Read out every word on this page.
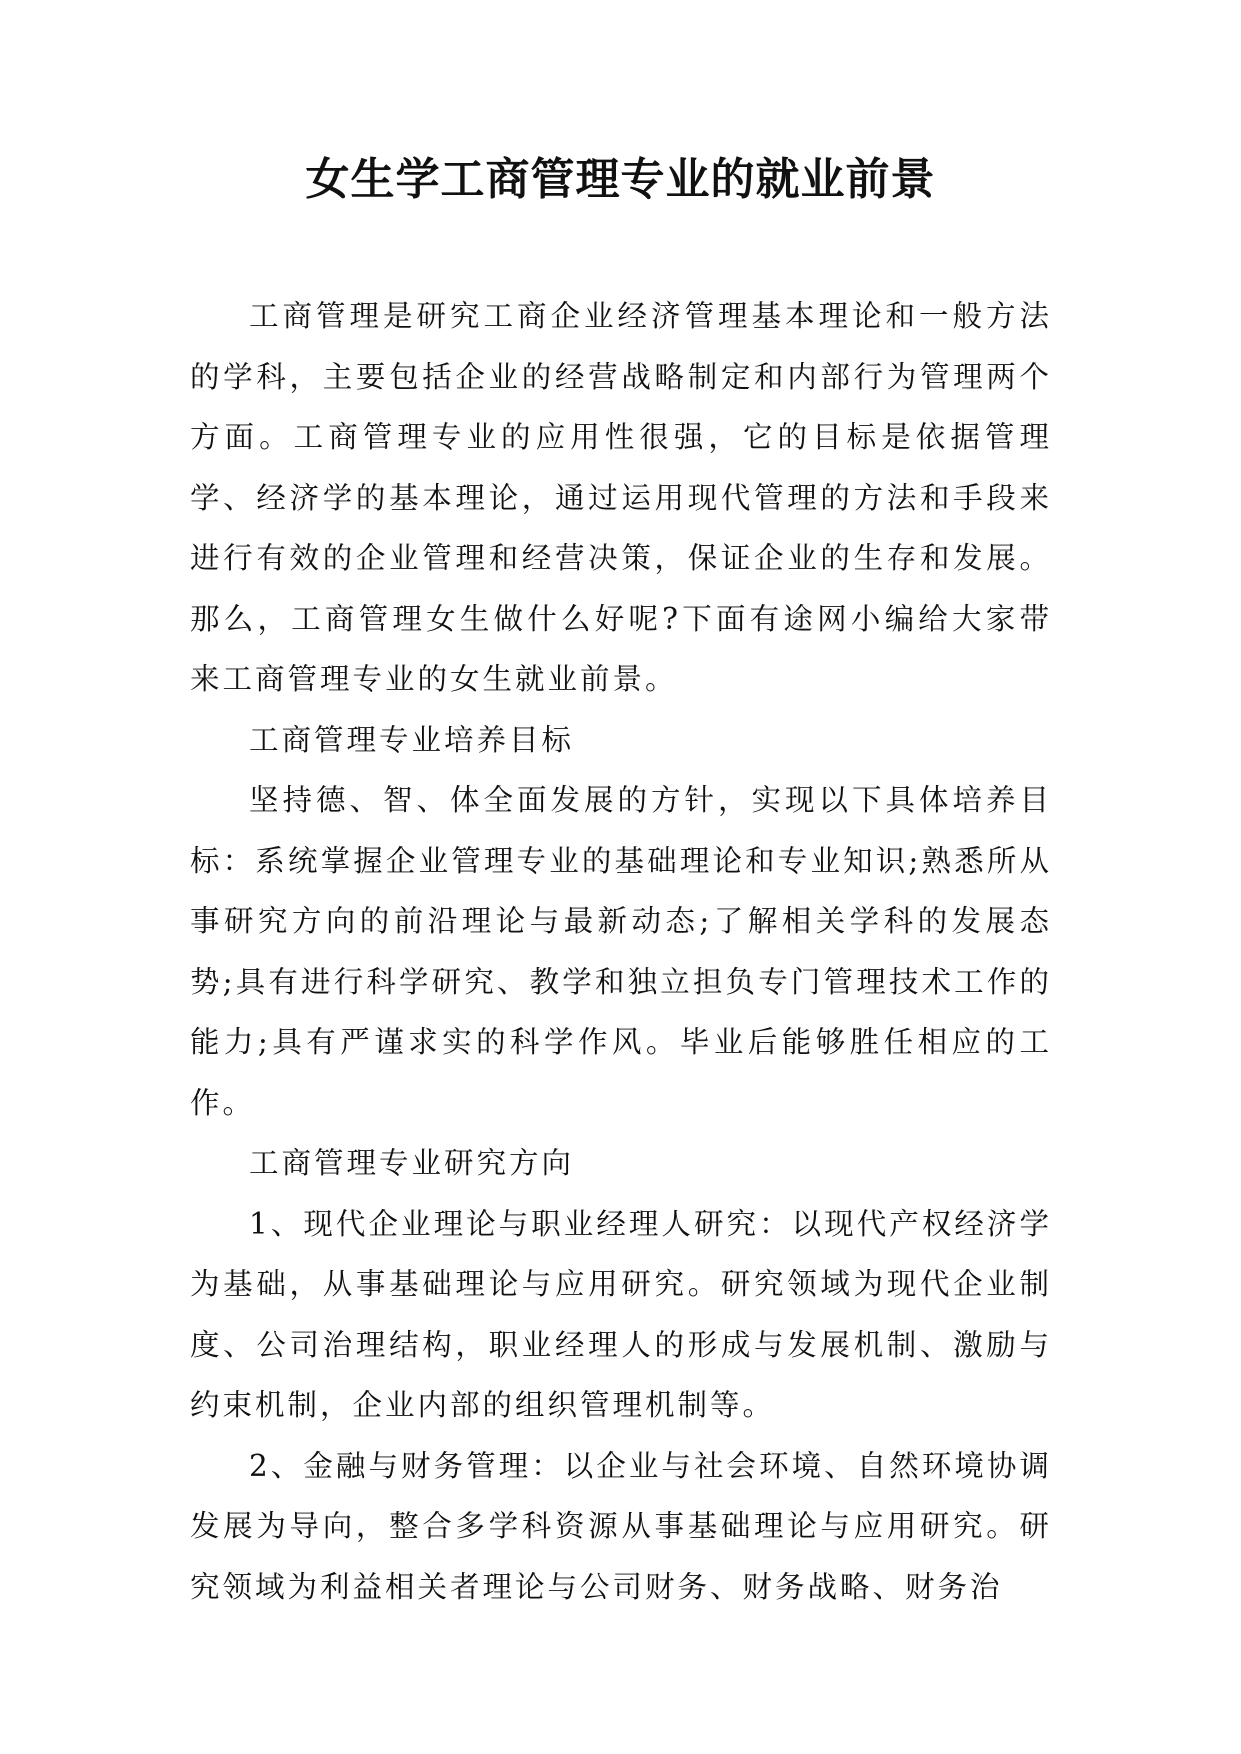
女生学工商管理专业的就业前景

工商管理是研究工商企业经济管理基本理论和一般方法的学科，主要包括企业的经营战略制定和内部行为管理两个方面。工商管理专业的应用性很强，它的目标是依据管理学、经济学的基本理论，通过运用现代管理的方法和手段来进行有效的企业管理和经营决策，保证企业的生存和发展。那么，工商管理女生做什么好呢?下面有途网小编给大家带来工商管理专业的女生就业前景。

工商管理专业培养目标

坚持德、智、体全面发展的方针，实现以下具体培养目标：系统掌握企业管理专业的基础理论和专业知识;熟悉所从事研究方向的前沿理论与最新动态;了解相关学科的发展态势;具有进行科学研究、教学和独立担负专门管理技术工作的能力;具有严谨求实的科学作风。毕业后能够胜任相应的工作。

工商管理专业研究方向

1、现代企业理论与职业经理人研究：以现代产权经济学为基础，从事基础理论与应用研究。研究领域为现代企业制度、公司治理结构，职业经理人的形成与发展机制、激励与约束机制，企业内部的组织管理机制等。

2、金融与财务管理：以企业与社会环境、自然环境协调发展为导向，整合多学科资源从事基础理论与应用研究。研究领域为利益相关者理论与公司财务、财务战略、财务治
